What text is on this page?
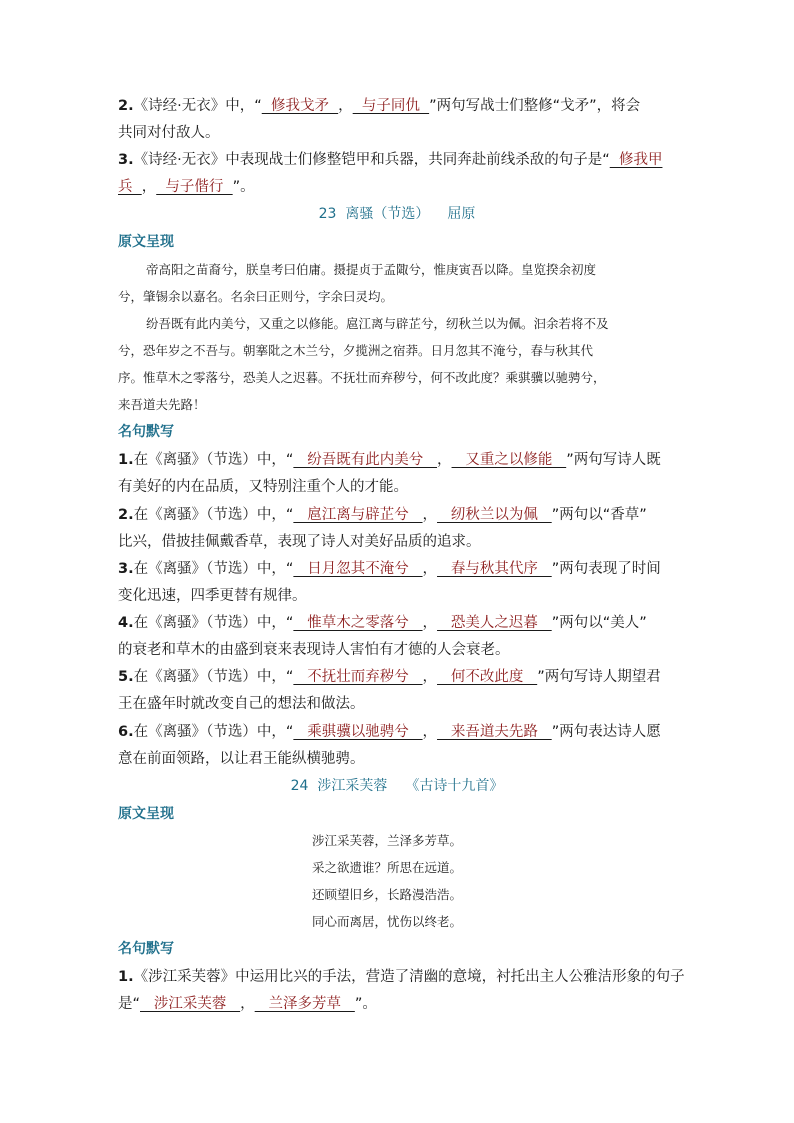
2.《诗经·无衣》中，“  修我戈矛  ，  与子同仇  ”两句写战士们整修“戈矛”，将会
共同对付敌人。
3.《诗经·无衣》中表现战士们修整铠甲和兵器，共同奔赴前线杀敌的句子是“  修我甲
兵  ，  与子偕行  ”。
23 离骚（节选） 屈原
原文呈现
帝高阳之苗裔兮，朕皇考曰伯庸。摄提贞于孟陬兮，惟庚寅吾以降。皇览揆余初度
兮，肇锡余以嘉名。名余曰正则兮，字余曰灵均。
纷吾既有此内美兮，又重之以修能。扈江离与辟芷兮，纫秋兰以为佩。汩余若将不及
兮，恐年岁之不吾与。朝搴阰之木兰兮，夕揽洲之宿莽。日月忽其不淹兮，春与秋其代
序。惟草木之零落兮，恐美人之迟暮。不抚壮而弃秽兮，何不改此度？乘骐骥以驰骋兮，
来吾道夫先路！
名句默写
1.在《离骚》（节选）中，“   纷吾既有此内美兮   ，   又重之以修能   ”两句写诗人既
有美好的内在品质，又特别注重个人的才能。
2.在《离骚》（节选）中，“   扈江离与辟芷兮   ，   纫秋兰以为佩   ”两句以“香草”
比兴，借披挂佩戴香草，表现了诗人对美好品质的追求。
3.在《离骚》（节选）中，“   日月忽其不淹兮   ，   春与秋其代序   ”两句表现了时间
变化迅速，四季更替有规律。
4.在《离骚》（节选）中，“   惟草木之零落兮   ，   恐美人之迟暮   ”两句以“美人”
的衰老和草木的由盛到衰来表现诗人害怕有才德的人会衰老。
5.在《离骚》（节选）中，“   不抚壮而弃秽兮   ，   何不改此度   ”两句写诗人期望君
王在盛年时就改变自己的想法和做法。
6.在《离骚》（节选）中，“   乘骐骥以驰骋兮   ，   来吾道夫先路   ”两句表达诗人愿
意在前面领路，以让君王能纵横驰骋。
24 涉江采芙蓉 《古诗十九首》
原文呈现
涉江采芙蓉，兰泽多芳草。
采之欲遗谁？所思在远道。
还顾望旧乡，长路漫浩浩。
同心而离居，忧伤以终老。
名句默写
1.《涉江采芙蓉》中运用比兴的手法，营造了清幽的意境，衬托出主人公雅洁形象的句子
是“   涉江采芙蓉   ，   兰泽多芳草   ”。
